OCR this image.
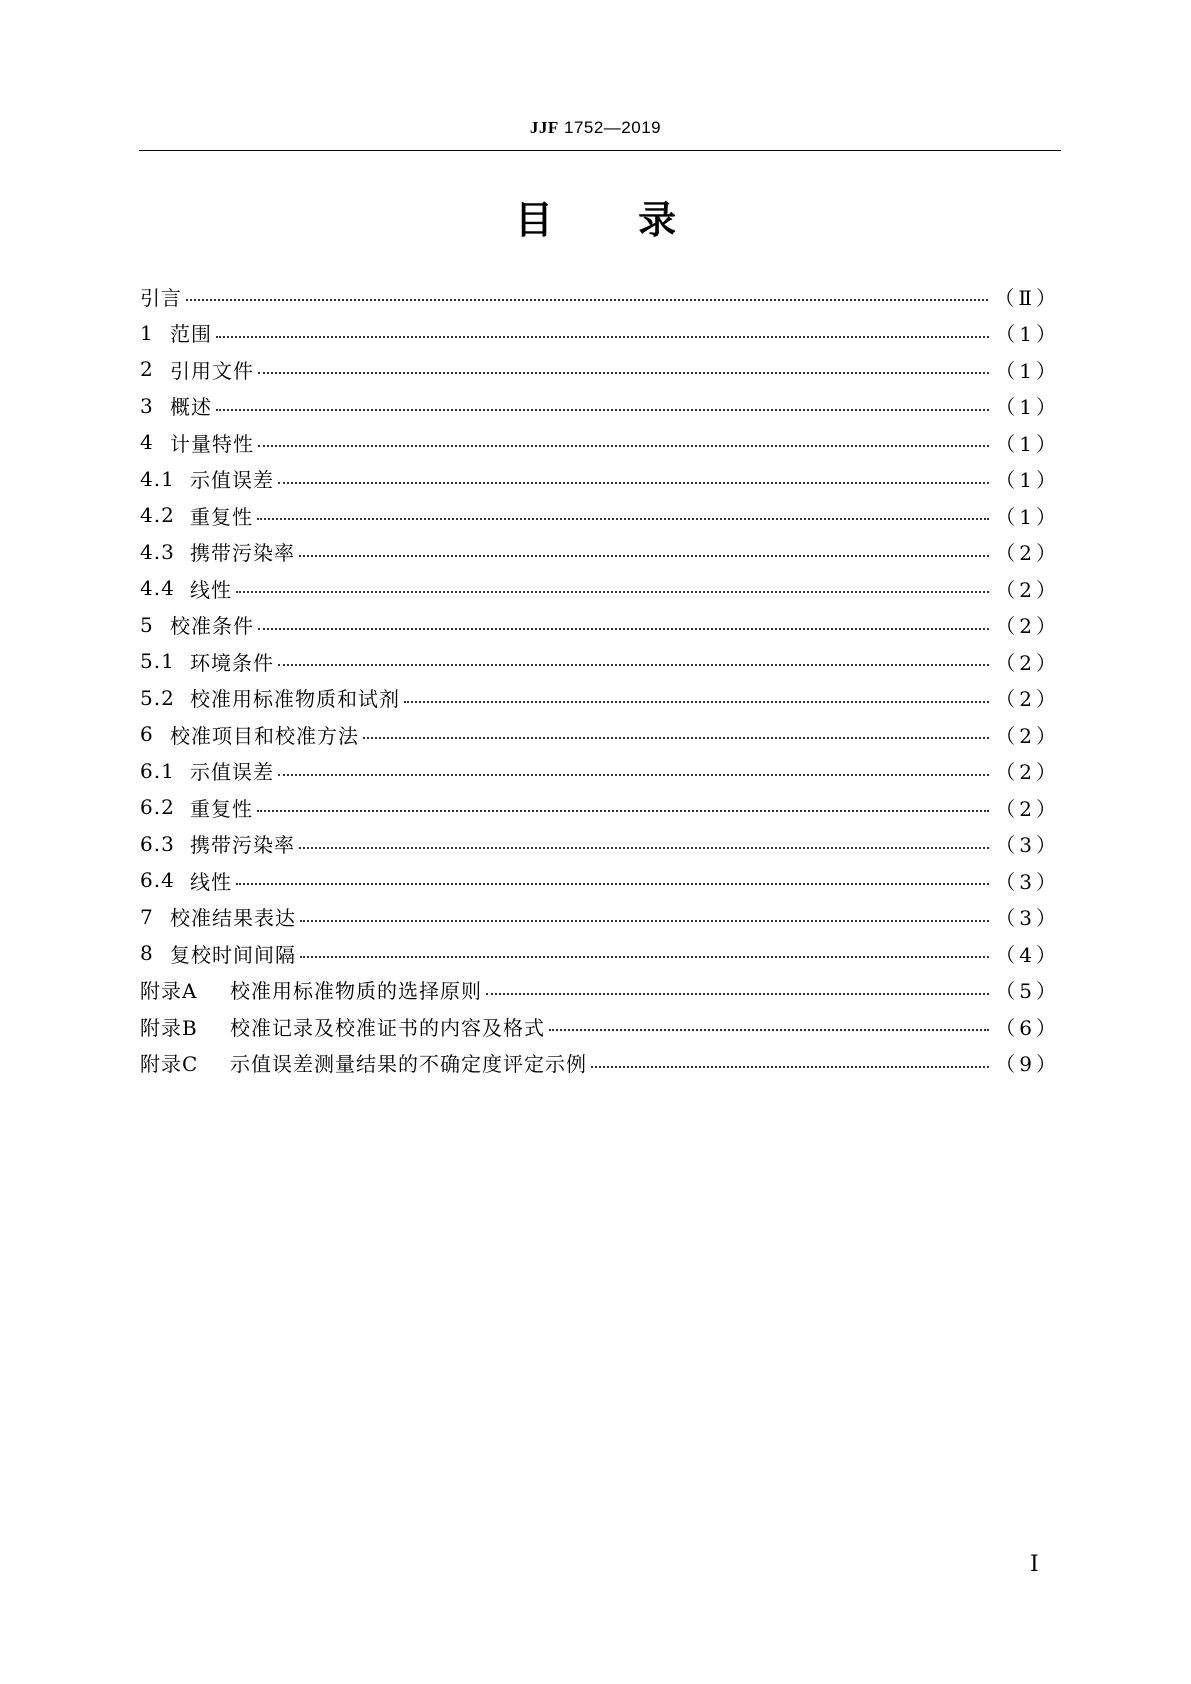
JJF 1752—2019
目 录
引言	（Ⅱ）
1 范围	（1）
2 引用文件	（1）
3 概述	（1）
4 计量特性	（1）
4.1 示值误差	（1）
4.2 重复性	（1）
4.3 携带污染率	（2）
4.4 线性	（2）
5 校准条件	（2）
5.1 环境条件	（2）
5.2 校准用标准物质和试剂	（2）
6 校准项目和校准方法	（2）
6.1 示值误差	（2）
6.2 重复性	（2）
6.3 携带污染率	（3）
6.4 线性	（3）
7 校准结果表达	（3）
8 复校时间间隔	（4）
附录A	校准用标准物质的选择原则	（5）
附录B	校准记录及校准证书的内容及格式	（6）
附录C	示值误差测量结果的不确定度评定示例	（9）
Ⅰ
